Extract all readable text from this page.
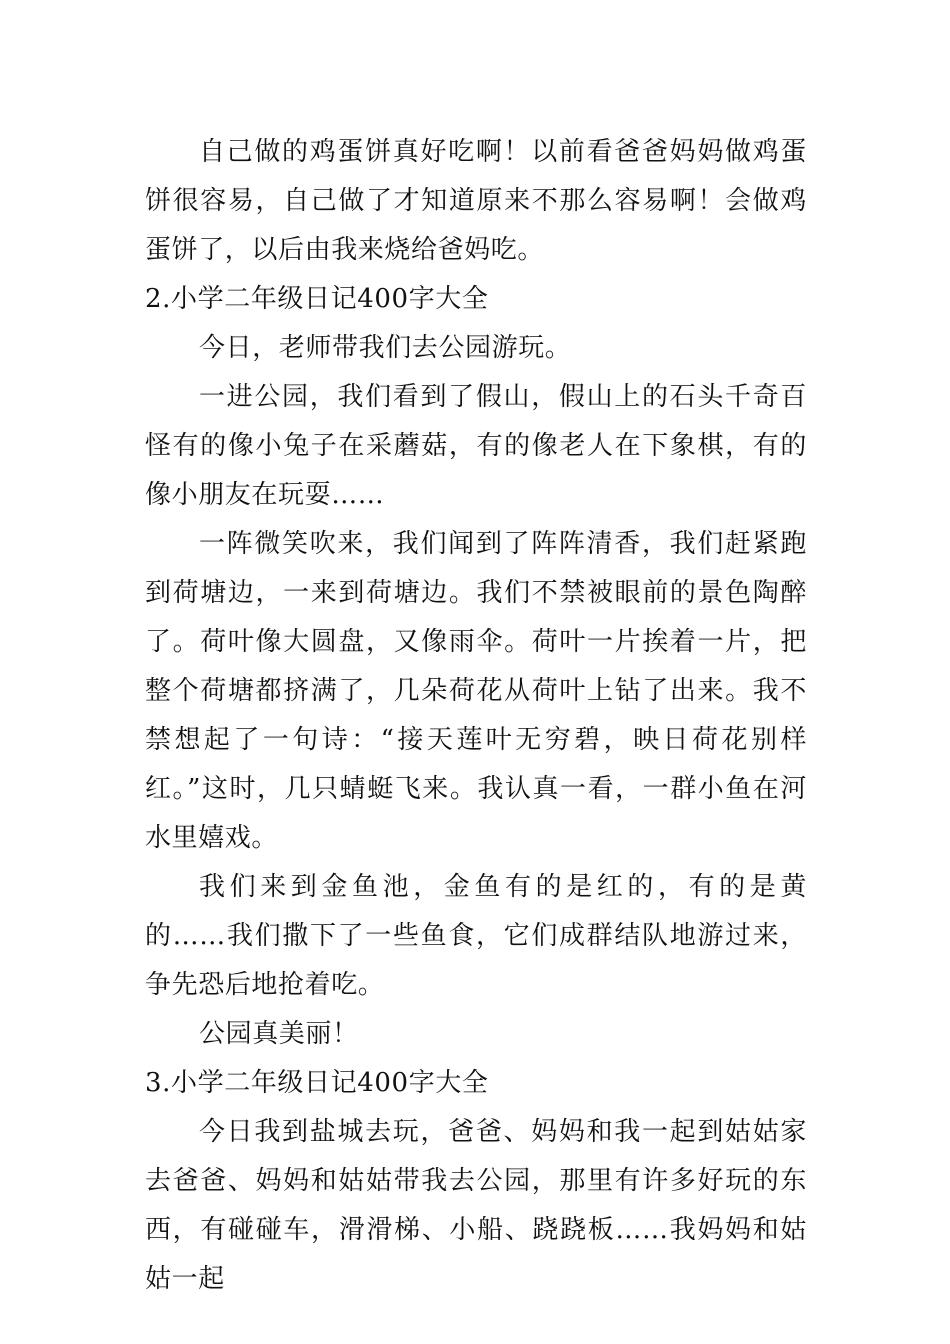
自己做的鸡蛋饼真好吃啊！以前看爸爸妈妈做鸡蛋饼很容易，自己做了才知道原来不那么容易啊！会做鸡蛋饼了，以后由我来烧给爸妈吃。

2.小学二年级日记400字大全

今日，老师带我们去公园游玩。

一进公园，我们看到了假山，假山上的石头千奇百怪有的像小兔子在采蘑菇，有的像老人在下象棋，有的像小朋友在玩耍……

一阵微笑吹来，我们闻到了阵阵清香，我们赶紧跑到荷塘边，一来到荷塘边。我们不禁被眼前的景色陶醉了。荷叶像大圆盘，又像雨伞。荷叶一片挨着一片，把整个荷塘都挤满了，几朵荷花从荷叶上钻了出来。我不禁想起了一句诗：“接天莲叶无穷碧，映日荷花别样红。”这时，几只蜻蜓飞来。我认真一看，一群小鱼在河水里嬉戏。

我们来到金鱼池，金鱼有的是红的，有的是黄的……我们撒下了一些鱼食，它们成群结队地游过来，争先恐后地抢着吃。

公园真美丽！

3.小学二年级日记400字大全

今日我到盐城去玩，爸爸、妈妈和我一起到姑姑家去爸爸、妈妈和姑姑带我去公园，那里有许多好玩的东西，有碰碰车，滑滑梯、小船、跷跷板……我妈妈和姑姑一起
